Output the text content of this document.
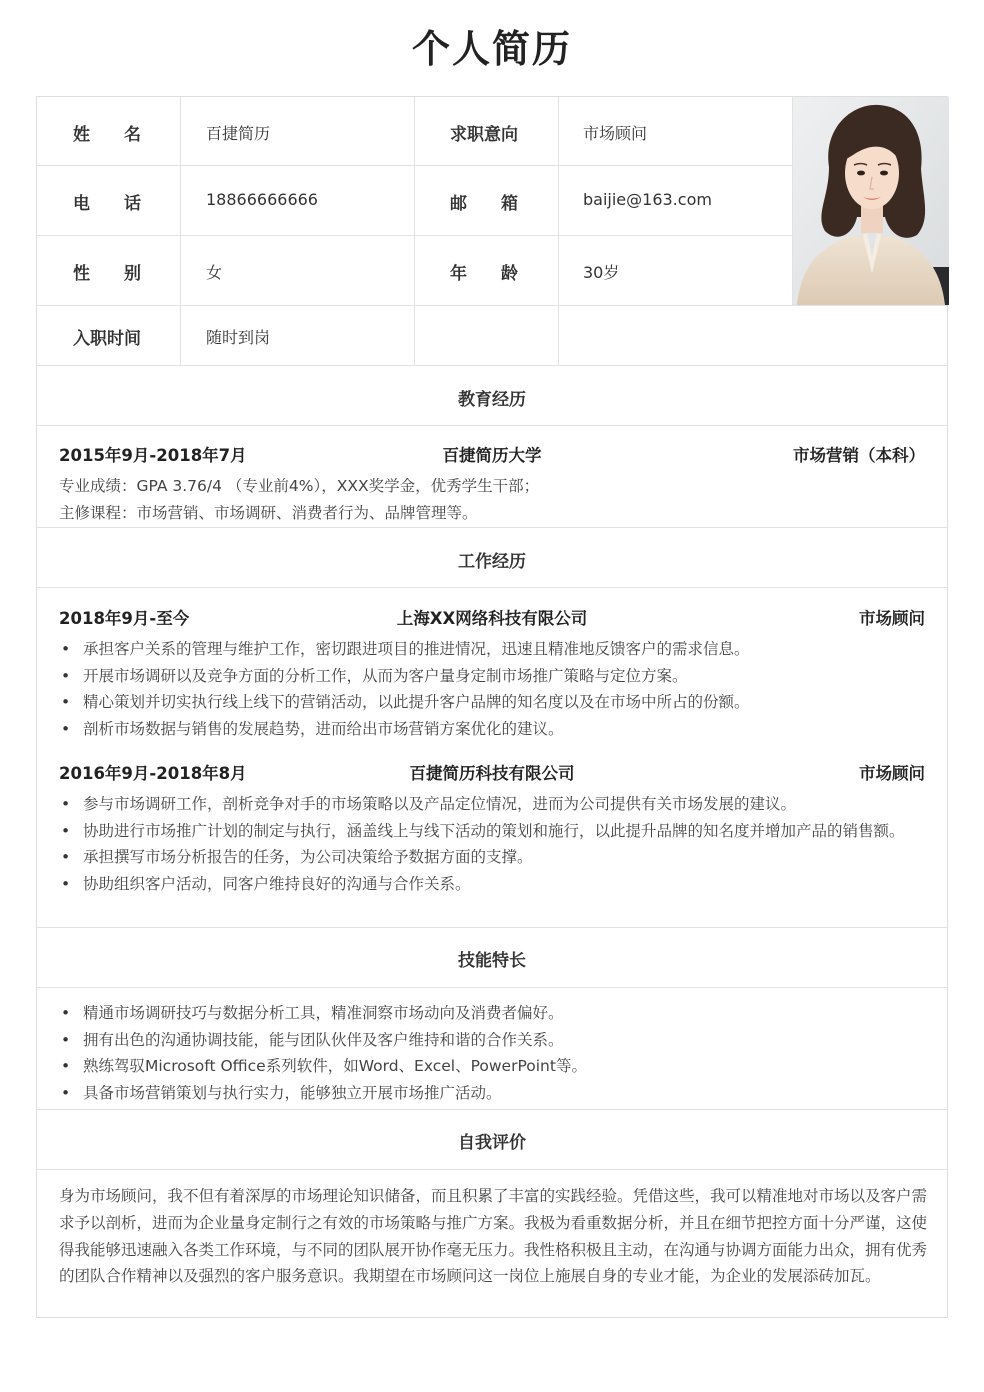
个人简历
姓　　名	百捷简历	求职意向	市场顾问
电　　话	18866666666	邮　　箱	baijie@163.com
性　　别	女	年　　龄	30岁
入职时间	随时到岗
教育经历
2015年9月-2018年7月	百捷简历大学	市场营销（本科）
专业成绩：GPA 3.76/4 （专业前4%），XXX奖学金，优秀学生干部；
主修课程：市场营销、市场调研、消费者行为、品牌管理等。
工作经历
2018年9月-至今	上海XX网络科技有限公司	市场顾问
• 承担客户关系的管理与维护工作，密切跟进项目的推进情况，迅速且精准地反馈客户的需求信息。
• 开展市场调研以及竞争方面的分析工作，从而为客户量身定制市场推广策略与定位方案。
• 精心策划并切实执行线上线下的营销活动，以此提升客户品牌的知名度以及在市场中所占的份额。
• 剖析市场数据与销售的发展趋势，进而给出市场营销方案优化的建议。
2016年9月-2018年8月	百捷简历科技有限公司	市场顾问
• 参与市场调研工作，剖析竞争对手的市场策略以及产品定位情况，进而为公司提供有关市场发展的建议。
• 协助进行市场推广计划的制定与执行，涵盖线上与线下活动的策划和施行，以此提升品牌的知名度并增加产品的销售额。
• 承担撰写市场分析报告的任务，为公司决策给予数据方面的支撑。
• 协助组织客户活动，同客户维持良好的沟通与合作关系。
技能特长
• 精通市场调研技巧与数据分析工具，精准洞察市场动向及消费者偏好。
• 拥有出色的沟通协调技能，能与团队伙伴及客户维持和谐的合作关系。
• 熟练驾驭Microsoft Office系列软件，如Word、Excel、PowerPoint等。
• 具备市场营销策划与执行实力，能够独立开展市场推广活动。
自我评价
身为市场顾问，我不但有着深厚的市场理论知识储备，而且积累了丰富的实践经验。凭借这些，我可以精准地对市场以及客户需求予以剖析，进而为企业量身定制行之有效的市场策略与推广方案。我极为看重数据分析，并且在细节把控方面十分严谨，这使得我能够迅速融入各类工作环境，与不同的团队展开协作毫无压力。我性格积极且主动，在沟通与协调方面能力出众，拥有优秀的团队合作精神以及强烈的客户服务意识。我期望在市场顾问这一岗位上施展自身的专业才能，为企业的发展添砖加瓦。
